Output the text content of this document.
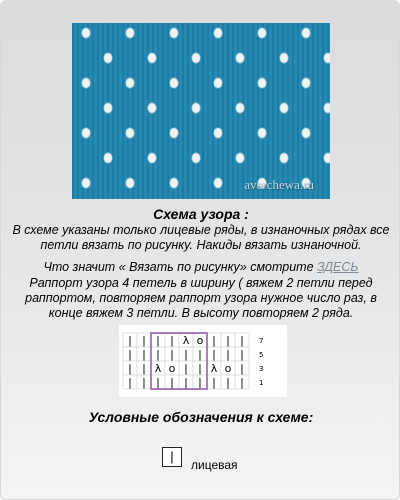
averchewa.ru
Схема узора :
В схеме указаны только лицевые ряды, в изнаночных рядах все петли вязать по рисунку. Накиды вязать изнаночной.
Что значит « Вязать по рисунку» смотрите ЗДЕСЬ
Раппорт узора 4 петель в ширину ( вяжем 2 петли перед раппортом, повторяем раппорт узора нужное число раз, в конце вяжем 3 петли. В высоту повторяем 2 ряда.
| | | | λ o | | | 7
| | | | | | | | | 5
| | λ o | | λ o | 3
| | | | | | | | | 1
Условные обозначения к схеме:
|
лицевая
